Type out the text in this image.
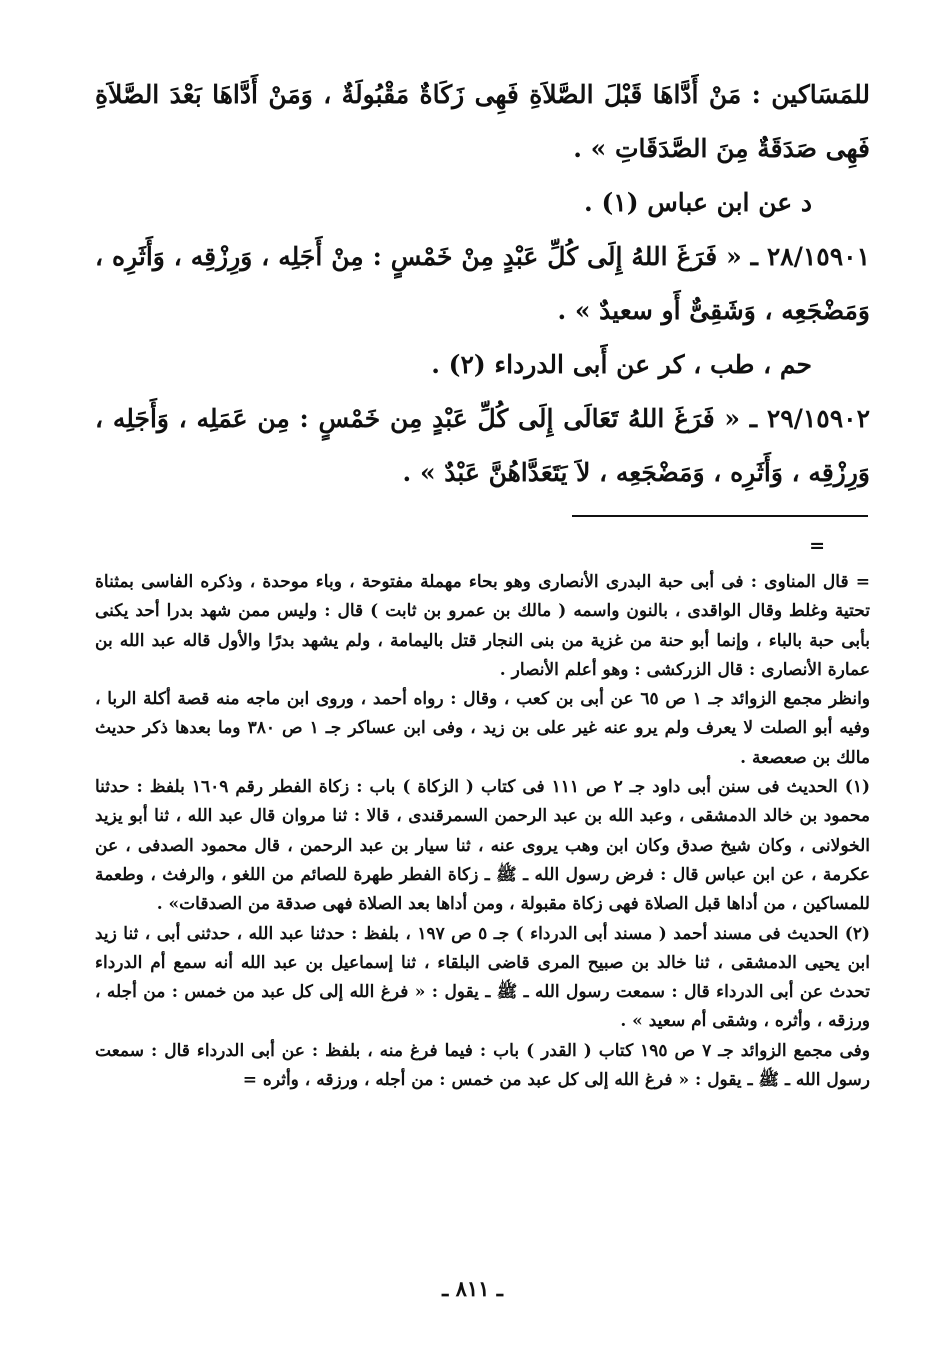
للمَسَاكين : مَنْ أَدَّاهَا قَبْلَ الصَّلاَةِ فَهِى زَكَاةٌ مَقْبُولَةٌ ، وَمَنْ أَدَّاهَا بَعْدَ الصَّلاَةِ فَهِى صَدَقَةٌ مِنَ الصَّدَقَاتِ » .

د عن ابن عباس (١) .

٢٨/١٥٩٠١ ـ « فَرَغَ اللهُ إِلَى كُلِّ عَبْدٍ مِنْ خَمْسٍ : مِنْ أَجَلِه ، وَرِزْقِه ، وَأَثَرِه ، وَمَضْجَعِه ، وَشَقِىٌّ أَو سعيدٌ » .

حم ، طب ، كر عن أَبى الدرداء (٢) .

٢٩/١٥٩٠٢ ـ « فَرَغَ اللهُ تَعَالَى إِلَى كُلِّ عَبْدٍ مِن خَمْسٍ : مِن عَمَلِه ، وَأَجَلِه ، وَرِزْقِه ، وَأَثَرِه ، وَمَضْجَعِه ، لاَ يَتَعَدَّاهُنَّ عَبْدٌ » .

=

= قال المناوى : فى أبى حبة البدرى الأنصارى وهو بحاء مهملة مفتوحة ، وباء موحدة ، وذكره الفاسى بمثناة تحتية وغلط وقال الواقدى ، بالنون واسمه ( مالك بن عمرو بن ثابت ) قال : وليس ممن شهد بدرا أحد يكنى بأبى حبة بالباء ، وإنما أبو حنة من غزية من بنى النجار قتل باليمامة ، ولم يشهد بدرًا والأول قاله عبد الله بن عمارة الأنصارى : قال الزركشى : وهو أعلم الأنصار .

وانظر مجمع الزوائد جـ ١ ص ٦٥ عن أبى بن كعب ، وقال : رواه أحمد ، وروى ابن ماجه منه قصة أكلة الربا ، وفيه أبو الصلت لا يعرف ولم يرو عنه غير على بن زيد ، وفى ابن عساكر جـ ١ ص ٣٨٠ وما بعدها ذكر حديث مالك بن صعصعة .

(١) الحديث فى سنن أبى داود جـ ٢ ص ١١١ فى كتاب ( الزكاة ) باب : زكاة الفطر رقم ١٦٠٩ بلفظ : حدثنا محمود بن خالد الدمشقى ، وعبد الله بن عبد الرحمن السمرقندى ، قالا : ثنا مروان قال عبد الله ، ثنا أبو يزيد الخولانى ، وكان شيخ صدق وكان ابن وهب يروى عنه ، ثنا سيار بن عبد الرحمن ، قال محمود الصدفى ، عن عكرمة ، عن ابن عباس قال : فرض رسول الله ـ ﷺ ـ زكاة الفطر طهرة للصائم من اللغو ، والرفث ، وطعمة للمساكين ، من أداها قبل الصلاة فهى زكاة مقبولة ، ومن أداها بعد الصلاة فهى صدقة من الصدقات» .

(٢) الحديث فى مسند أحمد ( مسند أبى الدرداء ) جـ ٥ ص ١٩٧ ، بلفظ : حدثنا عبد الله ، حدثنى أبى ، ثنا زيد ابن يحيى الدمشقى ، ثنا خالد بن صبيح المرى قاضى البلقاء ، ثنا إسماعيل بن عبد الله أنه سمع أم الدرداء تحدث عن أبى الدرداء قال : سمعت رسول الله ـ ﷺ ـ يقول : « فرغ الله إلى كل عبد من خمس : من أجله ، ورزقه ، وأثره ، وشقى أم سعيد » .

وفى مجمع الزوائد جـ ٧ ص ١٩٥ كتاب ( القدر ) باب : فيما فرغ منه ، بلفظ : عن أبى الدرداء قال : سمعت رسول الله ـ ﷺ ـ يقول : « فرغ الله إلى كل عبد من خمس : من أجله ، ورزقه ، وأثره =

ـ ٨١١ ـ
